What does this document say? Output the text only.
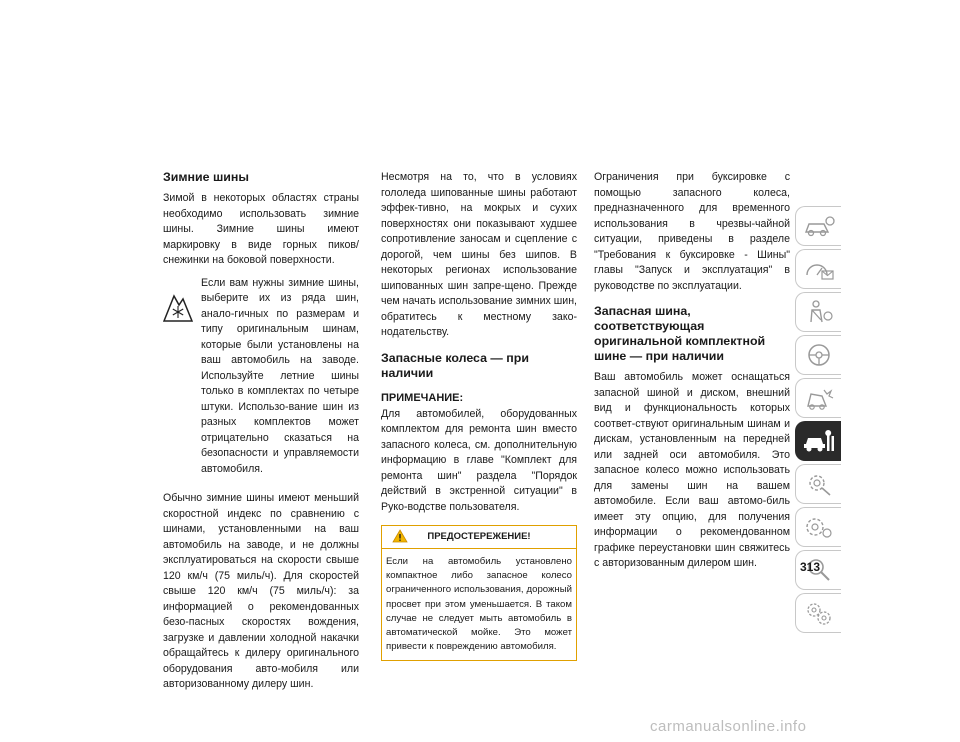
Зимние шины

Зимой в некоторых областях страны необходимо использовать зимние шины. Зимние шины имеют маркировку в виде горных пиков/снежинки на боковой поверхности.

Если вам нужны зимние шины, выберите их из ряда шин, анало-гичных по размерам и типу оригинальным шинам, которые были установлены на ваш автомобиль на заводе. Используйте летние шины только в комплектах по четыре штуки. Использо-вание шин из разных комплектов может отрицательно сказаться на безопасности и управляемости автомобиля.

Обычно зимние шины имеют меньший скоростной индекс по сравнению с шинами, установленными на ваш автомобиль на заводе, и не должны эксплуатироваться на скорости свыше 120 км/ч (75 миль/ч). Для скоростей свыше 120 км/ч (75 миль/ч): за информацией о рекомендованных безо-пасных скоростях вождения, загрузке и давлении холодной накачки обращайтесь к дилеру оригинального оборудования авто-мобиля или авторизованному дилеру шин.

Несмотря на то, что в условиях гололеда шипованные шины работают эффек-тивно, на мокрых и сухих поверхностях они показывают худшее сопротивление заносам и сцепление с дорогой, чем шины без шипов. В некоторых регионах использование шипованных шин запре-щено. Прежде чем начать использование зимних шин, обратитесь к местному зако-нодательству.

Запасные колеса — при наличии
ПРИМЕЧАНИЕ:

Для автомобилей, оборудованных комплектом для ремонта шин вместо запасного колеса, см. дополнительную информацию в главе "Комплект для ремонта шин" раздела "Порядок действий в экстренной ситуации" в Руко-водстве пользователя.

ПРЕДОСТЕРЕЖЕНИЕ!
Если на автомобиль установлено компактное либо запасное колесо ограниченного использования, дорожный просвет при этом уменьшается. В таком случае не следует мыть автомобиль в автоматической мойке. Это может привести к повреждению автомобиля.

Ограничения при буксировке с помощью запасного колеса, предназначенного для временного использования в чрезвы-чайной ситуации, приведены в разделе "Требования к буксировке - Шины" главы "Запуск и эксплуатация" в руководстве по эксплуатации.

Запасная шина, соответствующая оригинальной комплектной шине — при наличии

Ваш автомобиль может оснащаться запасной шиной и диском, внешний вид и функциональность которых соответ-ствуют оригинальным шинам и дискам, установленным на передней или задней оси автомобиля. Это запасное колесо можно использовать для замены шин на вашем автомобиле. Если ваш автомо-биль имеет эту опцию, для получения информации о рекомендованном графике переустановки шин свяжитесь с авторизованным дилером шин.	313
carmanualsonline.info
